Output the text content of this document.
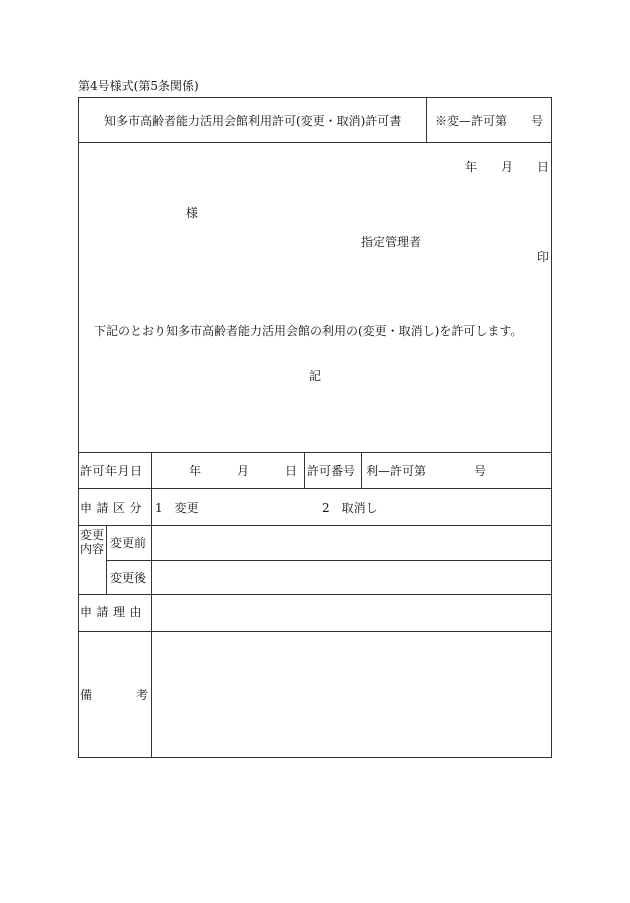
第4号様式(第5条関係)
知多市高齢者能力活用会館利用許可(変更・取消)許可書	※変—許可第　　号
年　　月　　日
様
指定管理者
印
下記のとおり知多市高齢者能力活用会館の利用の(変更・取消し)を許可します。
記
許可年月日	年　　　月　　　日 許可番号 利—許可第　　　　号
申請区分 1　変更	2　取消し
変更内容 変更前
変更後
申請理由
備	考
